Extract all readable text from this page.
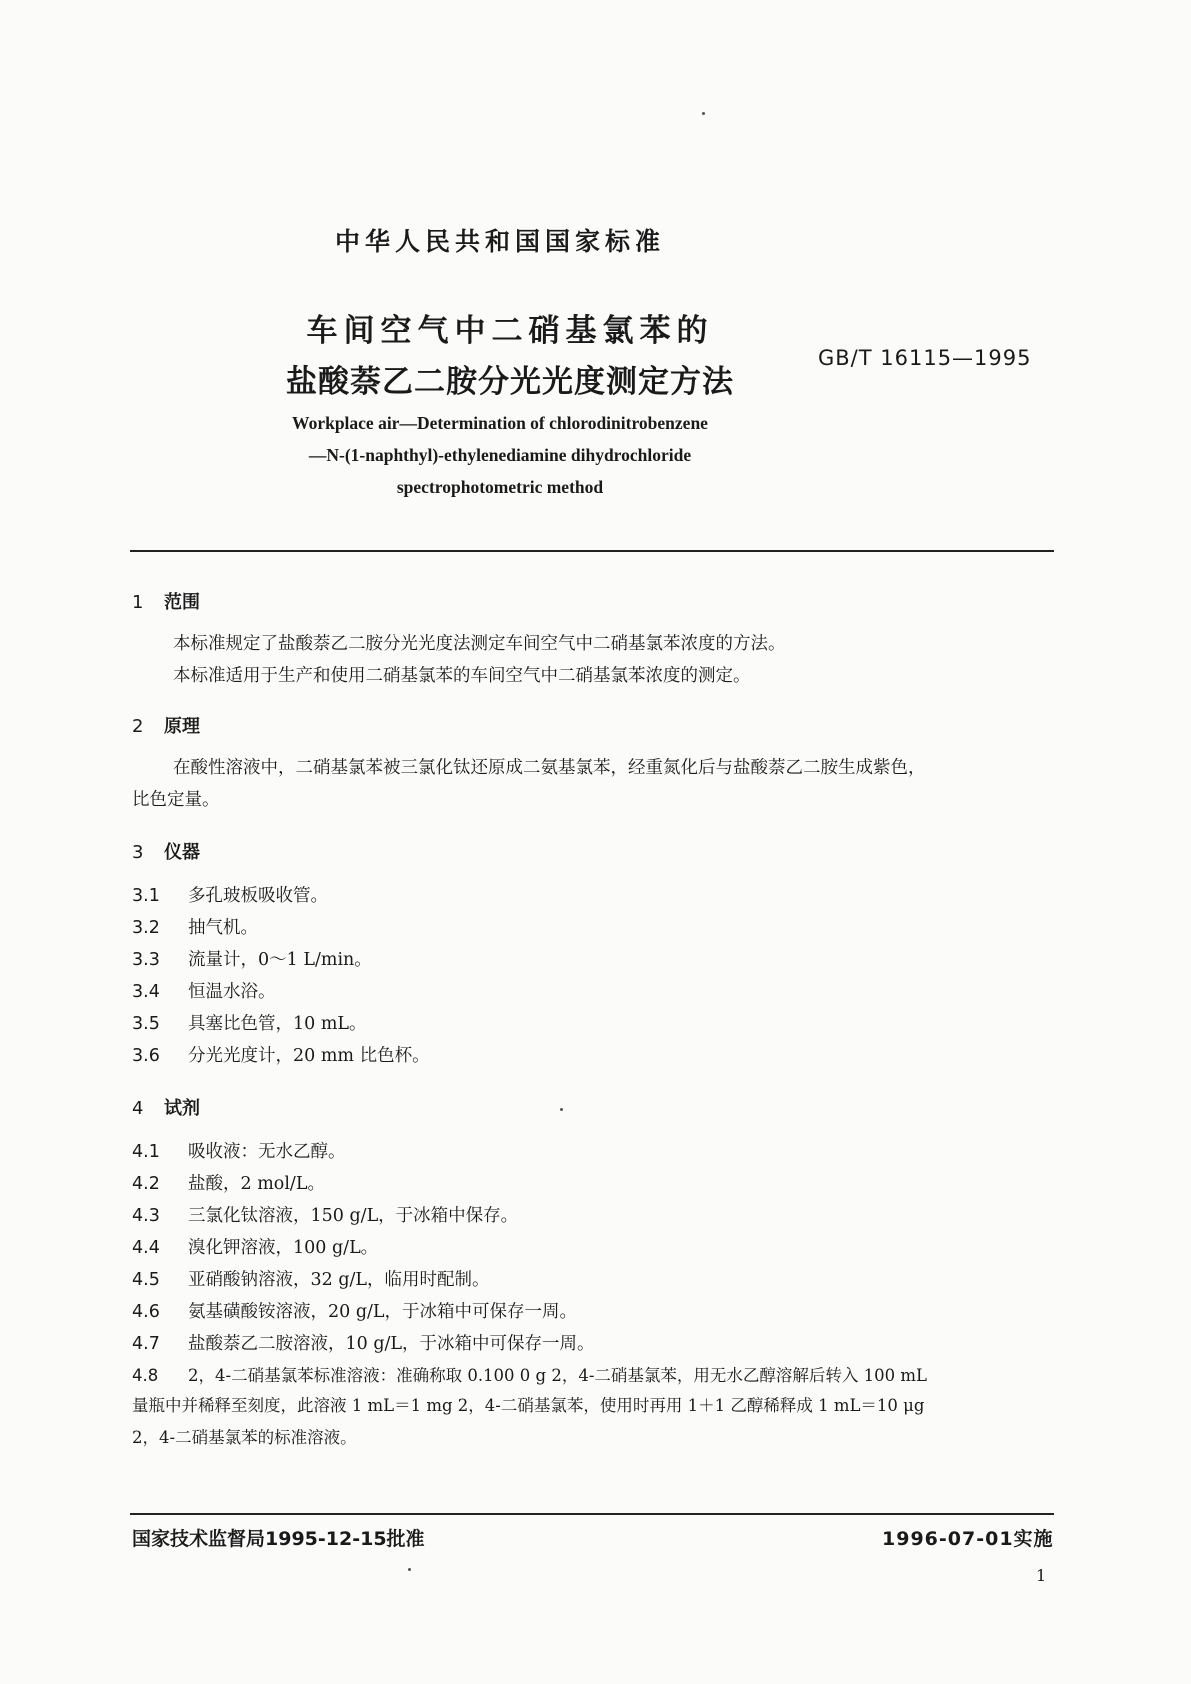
中华人民共和国国家标准
车间空气中二硝基氯苯的
盐酸萘乙二胺分光光度测定方法
GB/T 16115—1995
Workplace air—Determination of chlorodinitrobenzene
—N-(1-naphthyl)-ethylenediamine dihydrochloride
spectrophotometric method
1 范围
本标准规定了盐酸萘乙二胺分光光度法测定车间空气中二硝基氯苯浓度的方法。
本标准适用于生产和使用二硝基氯苯的车间空气中二硝基氯苯浓度的测定。
2 原理
在酸性溶液中，二硝基氯苯被三氯化钛还原成二氨基氯苯，经重氮化后与盐酸萘乙二胺生成紫色，
比色定量。
3 仪器
3.1 多孔玻板吸收管。
3.2 抽气机。
3.3 流量计，0～1 L/min。
3.4 恒温水浴。
3.5 具塞比色管，10 mL。
3.6 分光光度计，20 mm 比色杯。
4 试剂
4.1 吸收液：无水乙醇。
4.2 盐酸，2 mol/L。
4.3 三氯化钛溶液，150 g/L，于冰箱中保存。
4.4 溴化钾溶液，100 g/L。
4.5 亚硝酸钠溶液，32 g/L，临用时配制。
4.6 氨基磺酸铵溶液，20 g/L，于冰箱中可保存一周。
4.7 盐酸萘乙二胺溶液，10 g/L，于冰箱中可保存一周。
4.8 2，4-二硝基氯苯标准溶液：准确称取 0.100 0 g 2，4-二硝基氯苯，用无水乙醇溶解后转入 100 mL
量瓶中并稀释至刻度，此溶液 1 mL＝1 mg 2，4-二硝基氯苯，使用时再用 1＋1 乙醇稀释成 1 mL＝10 μg
2，4-二硝基氯苯的标准溶液。
国家技术监督局1995-12-15批准	1996-07-01实施
1
